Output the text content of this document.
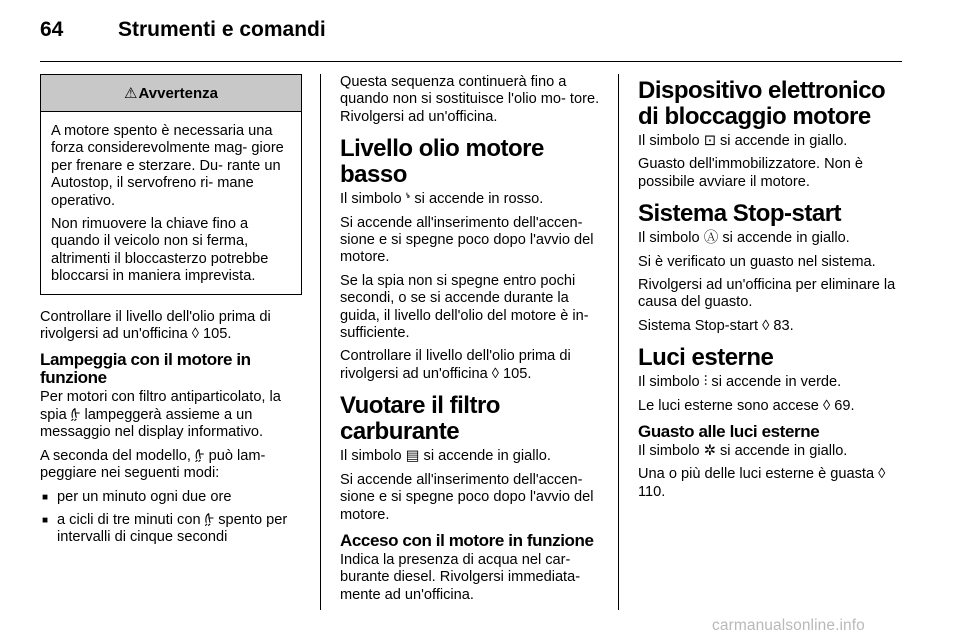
64	Strumenti e comandi
⚠ Avvertenza

A motore spento è necessaria una forza considerevolmente mag- giore per frenare e sterzare. Du- rante un Autostop, il servofreno ri- mane operativo.

Non rimuovere la chiave fino a quando il veicolo non si ferma, altrimenti il bloccasterzo potrebbe bloccarsi in maniera imprevista.

Controllare il livello dell'olio prima di rivolgersi ad un'officina ◊ 105.

Lampeggia con il motore in funzione

Per motori con filtro antiparticolato, la spia ᢔ lampeggerà assieme a un messaggio nel display informativo.

A seconda del modello, ᢔ può lam- peggiare nei seguenti modi:

■ per un minuto ogni due ore
■ a cicli di tre minuti con ᢔ spento per intervalli di cinque secondi

Questa sequenza continuerà fino a quando non si sostituisce l'olio mo- tore. Rivolgersi ad un'officina.

Livello olio motore basso

Il simbolo ᔉ si accende in rosso.

Si accende all'inserimento dell'accen- sione e si spegne poco dopo l'avvio del motore.

Se la spia non si spegne entro pochi secondi, o se si accende durante la guida, il livello dell'olio del motore è in- sufficiente.

Controllare il livello dell'olio prima di rivolgersi ad un'officina ◊ 105.

Vuotare il filtro carburante

Il simbolo ▤ si accende in giallo.

Si accende all'inserimento dell'accen- sione e si spegne poco dopo l'avvio del motore.

Acceso con il motore in funzione

Indica la presenza di acqua nel car- burante diesel. Rivolgersi immediata- mente ad un'officina.

Dispositivo elettronico di bloccaggio motore

Il simbolo ⊡ si accende in giallo.

Guasto dell'immobilizzatore. Non è possibile avviare il motore.

Sistema Stop-start

Il simbolo Ⓐ si accende in giallo.

Si è verificato un guasto nel sistema.

Rivolgersi ad un'officina per eliminare la causa del guasto.

Sistema Stop-start ◊ 83.

Luci esterne

Il simbolo ⫶ si accende in verde.

Le luci esterne sono accese ◊ 69.

Guasto alle luci esterne

Il simbolo ✲ si accende in giallo.

Una o più delle luci esterne è guasta ◊ 110.

carmanualsonline.info
